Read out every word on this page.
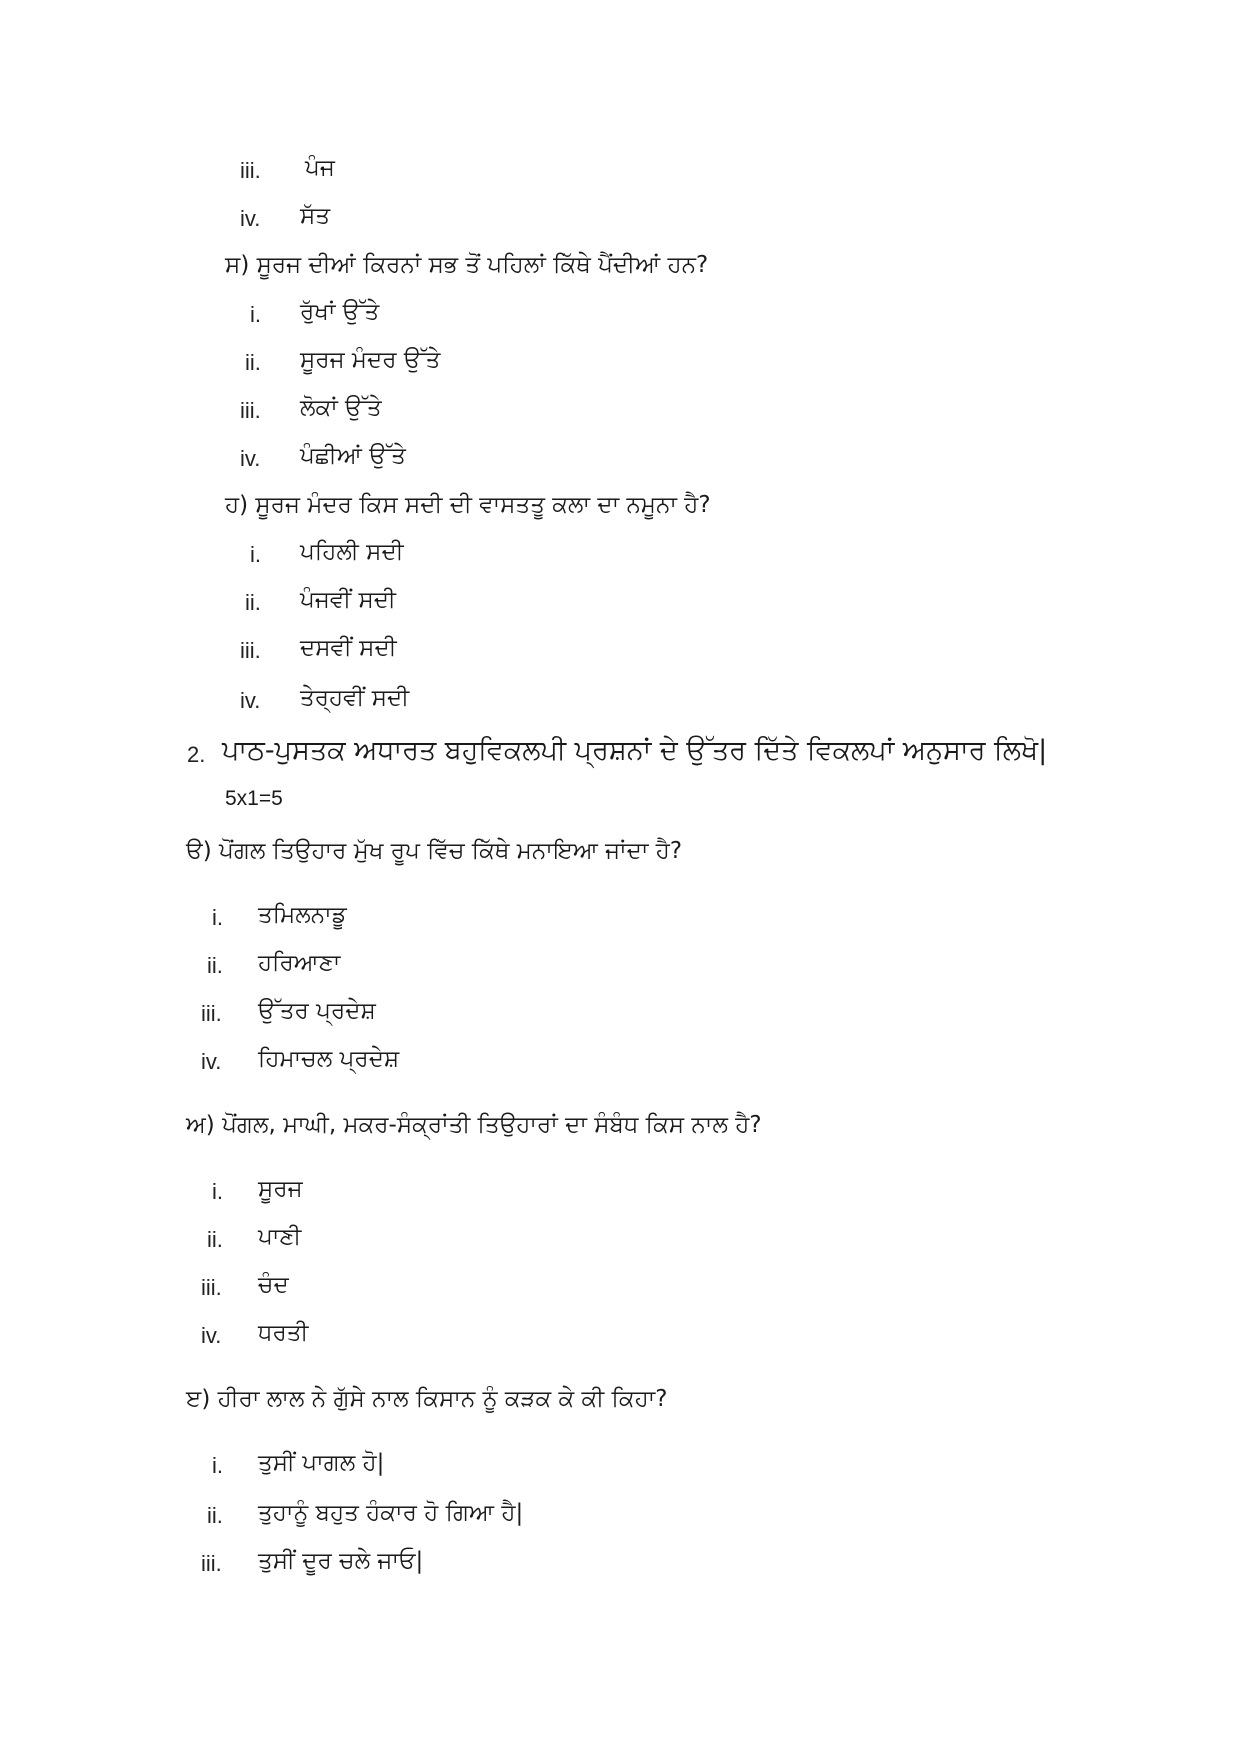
iii. ਪੰਜ
iv. ਸੱਤ
ਸ) ਸੂਰਜ ਦੀਆਂ ਕਿਰਨਾਂ ਸਭ ਤੋਂ ਪਹਿਲਾਂ ਕਿੱਥੇ ਪੈਂਦੀਆਂ ਹਨ?
i. ਰੁੱਖਾਂ ਉੱਤੇ
ii. ਸੂਰਜ ਮੰਦਰ ਉੱਤੇ
iii. ਲੋਕਾਂ ਉੱਤੇ
iv. ਪੰਛੀਆਂ ਉੱਤੇ
ਹ) ਸੂਰਜ ਮੰਦਰ ਕਿਸ ਸਦੀ ਦੀ ਵਾਸਤਤੂ ਕਲਾ ਦਾ ਨਮੂਨਾ ਹੈ?
i. ਪਹਿਲੀ ਸਦੀ
ii. ਪੰਜਵੀਂ ਸਦੀ
iii. ਦਸਵੀਂ ਸਦੀ
iv. ਤੇਰ੍ਹਵੀਂ ਸਦੀ
2. ਪਾਠ-ਪੁਸਤਕ ਅਧਾਰਤ ਬਹੁਵਿਕਲਪੀ ਪ੍ਰਸ਼ਨਾਂ ਦੇ ਉੱਤਰ ਦਿੱਤੇ ਵਿਕਲਪਾਂ ਅਨੁਸਾਰ ਲਿਖੋ|
5x1=5
ੳ) ਪੋਂਗਲ ਤਿਉਹਾਰ ਮੁੱਖ ਰੂਪ ਵਿੱਚ ਕਿੱਥੇ ਮਨਾਇਆ ਜਾਂਦਾ ਹੈ?
i. ਤਮਿਲਨਾਡੂ
ii. ਹਰਿਆਣਾ
iii. ਉੱਤਰ ਪ੍ਰਦੇਸ਼
iv. ਹਿਮਾਚਲ ਪ੍ਰਦੇਸ਼
ਅ) ਪੋਂਗਲ, ਮਾਘੀ, ਮਕਰ-ਸੰਕ੍ਰਾਂਤੀ ਤਿਉਹਾਰਾਂ ਦਾ ਸੰਬੰਧ ਕਿਸ ਨਾਲ ਹੈ?
i. ਸੂਰਜ
ii. ਪਾਣੀ
iii. ਚੰਦ
iv. ਧਰਤੀ
ੲ) ਹੀਰਾ ਲਾਲ ਨੇ ਗੁੱਸੇ ਨਾਲ ਕਿਸਾਨ ਨੂੰ ਕੜਕ ਕੇ ਕੀ ਕਿਹਾ?
i. ਤੁਸੀਂ ਪਾਗਲ ਹੋ|
ii. ਤੁਹਾਨੂੰ ਬਹੁਤ ਹੰਕਾਰ ਹੋ ਗਿਆ ਹੈ|
iii. ਤੁਸੀਂ ਦੂਰ ਚਲੇ ਜਾਓ|
